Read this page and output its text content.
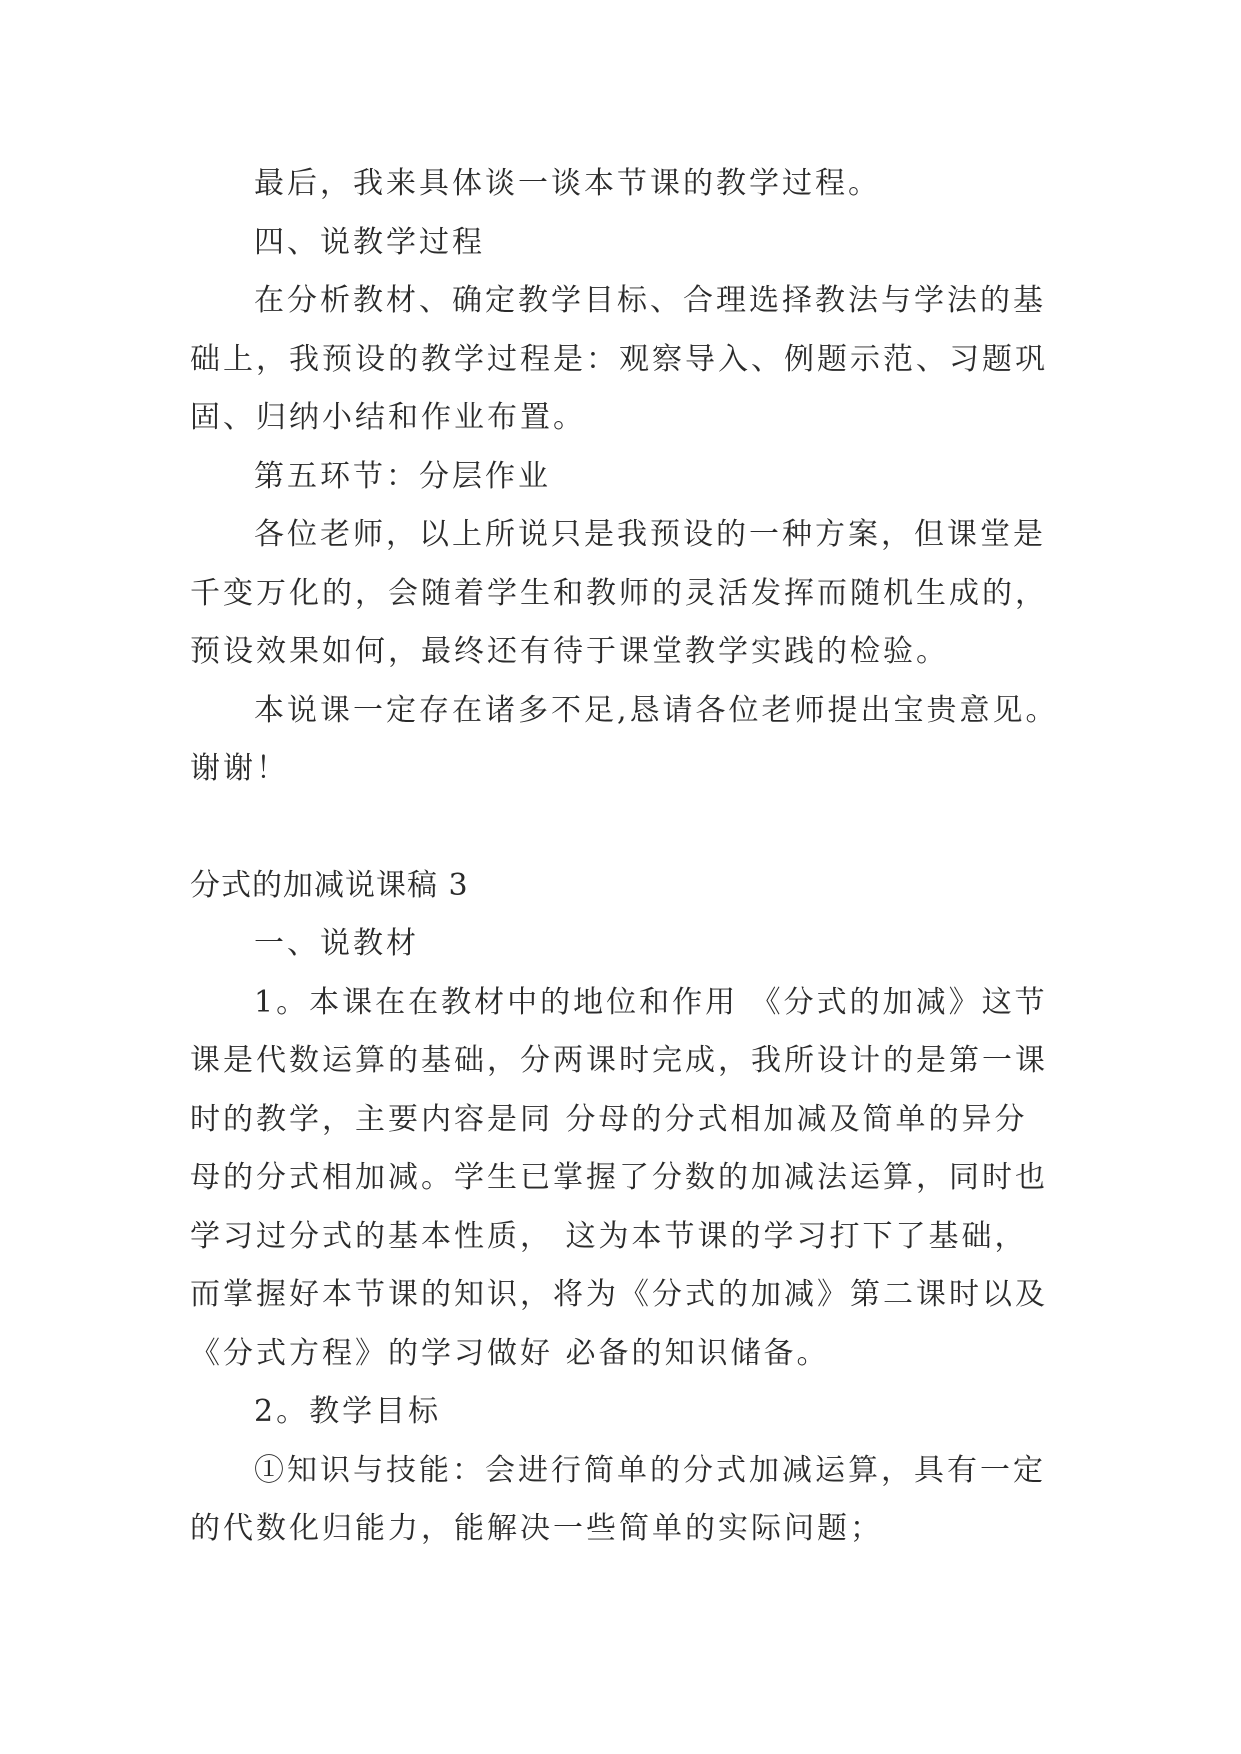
最后，我来具体谈一谈本节课的教学过程。
四、说教学过程
在分析教材、确定教学目标、合理选择教法与学法的基
础上，我预设的教学过程是：观察导入、例题示范、习题巩
固、归纳小结和作业布置。
第五环节：分层作业
各位老师，以上所说只是我预设的一种方案，但课堂是
千变万化的，会随着学生和教师的灵活发挥而随机生成的，
预设效果如何，最终还有待于课堂教学实践的检验。
本说课一定存在诸多不足,恳请各位老师提出宝贵意见。
谢谢！
分式的加减说课稿 3
一、说教材
1。本课在在教材中的地位和作用 《分式的加减》这节
课是代数运算的基础，分两课时完成，我所设计的是第一课
时的教学，主要内容是同 分母的分式相加减及简单的异分
母的分式相加减。学生已掌握了分数的加减法运算，同时也
学习过分式的基本性质， 这为本节课的学习打下了基础，
而掌握好本节课的知识，将为《分式的加减》第二课时以及
《分式方程》的学习做好 必备的知识储备。
2。教学目标
①知识与技能：会进行简单的分式加减运算，具有一定
的代数化归能力，能解决一些简单的实际问题；
